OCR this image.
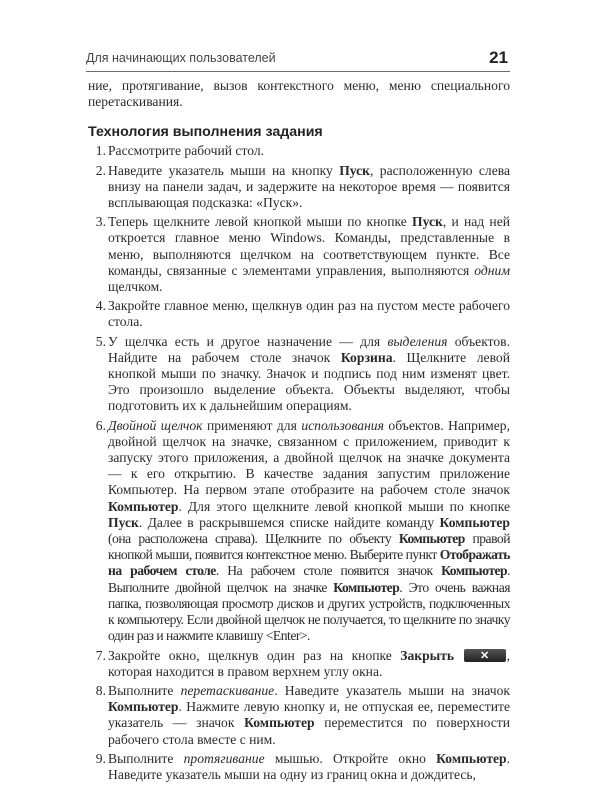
Для начинающих пользователей	21

ние, протягивание, вызов контекстного меню, меню специального перетаскивания.

Технология выполнения задания
1 . Рассмотрите рабочий стол.
2 . Наведите указатель мыши на кнопку Пуск, расположенную слева внизу на панели задач, и задержите на некоторое время — появится всплывающая подсказка: «Пуск».
3 . Теперь щелкните левой кнопкой мыши по кнопке Пуск, и над ней откроется главное меню Windows. Команды, представленные в меню, выполняются щелчком на соответствующем пункте. Все команды, связанные с элементами управления, выполняются одним щелчком.
4 . Закройте главное меню, щелкнув один раз на пустом месте рабочего стола.
5 . У щелчка есть и другое назначение — для выделения объектов. Найдите на рабочем столе значок Корзина. Щелкните левой кнопкой мыши по значку. Значок и подпись под ним изменят цвет. Это произошло выделение объекта. Объекты выделяют, чтобы подготовить их к дальнейшим операциям.
6 . Двойной щелчок применяют для использования объектов. Например, двойной щелчок на значке, связанном с приложением, приводит к запуску этого приложения, а двойной щелчок на значке документа — к его открытию. В качестве задания запустим приложение Компьютер. На первом этапе отобразите на рабочем столе значок Компьютер. Для этого щелкните левой кнопкой мыши по кнопке Пуск. Далее в раскрывшемся списке найдите команду Компьютер (она расположена справа). Щелкните по объекту Компьютер правой кнопкой мыши, появится контекстное меню. Выберите пункт Отображать на рабочем столе. На рабочем столе появится значок Компьютер. Выполните двойной щелчок на значке Компьютер. Это очень важная папка, позволяющая просмотр дисков и других устройств, подключенных к компьютеру. Если двойной щелчок не получается, то щелкните по значку один раз и нажмите клавишу <Enter>.
7 . Закройте окно, щелкнув один раз на кнопке Закрыть	✕	, которая находится в правом верхнем углу окна.
8 . Выполните перетаскивание. Наведите указатель мыши на значок Компьютер. Нажмите левую кнопку и, не отпуская ее, переместите указатель — значок Компьютер переместится по поверхности рабочего стола вместе с ним.
9 . Выполните протягивание мышью. Откройте окно Компьютер. Наведите указатель мыши на одну из границ окна и дождитесь,
